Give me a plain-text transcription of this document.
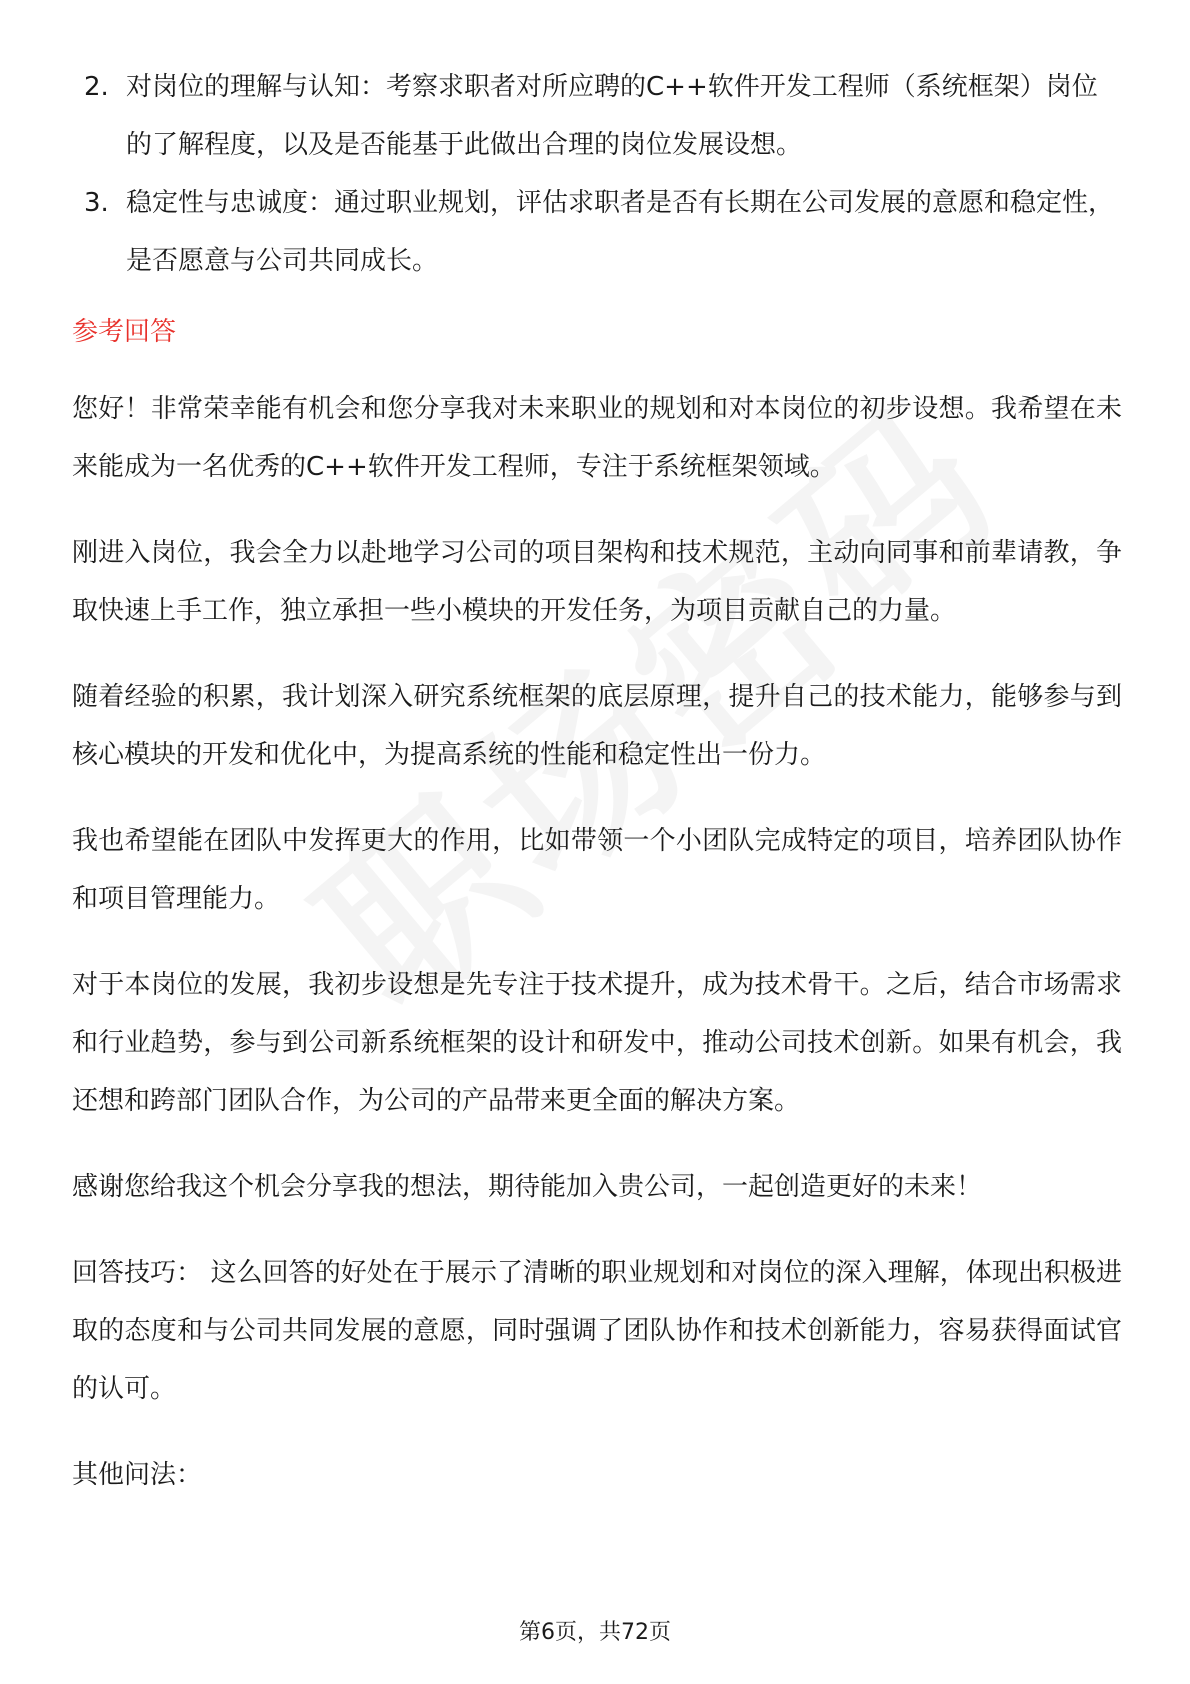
2. 对岗位的理解与认知：考察求职者对所应聘的C++软件开发工程师（系统框架）岗位的了解程度，以及是否能基于此做出合理的岗位发展设想。
3. 稳定性与忠诚度：通过职业规划，评估求职者是否有长期在公司发展的意愿和稳定性，是否愿意与公司共同成长。
参考回答

您好！非常荣幸能有机会和您分享我对未来职业的规划和对本岗位的初步设想。我希望在未来能成为一名优秀的C++软件开发工程师，专注于系统框架领域。

刚进入岗位，我会全力以赴地学习公司的项目架构和技术规范，主动向同事和前辈请教，争取快速上手工作，独立承担一些小模块的开发任务，为项目贡献自己的力量。

随着经验的积累，我计划深入研究系统框架的底层原理，提升自己的技术能力，能够参与到核心模块的开发和优化中，为提高系统的性能和稳定性出一份力。

我也希望能在团队中发挥更大的作用，比如带领一个小团队完成特定的项目，培养团队协作和项目管理能力。

对于本岗位的发展，我初步设想是先专注于技术提升，成为技术骨干。之后，结合市场需求和行业趋势，参与到公司新系统框架的设计和研发中，推动公司技术创新。如果有机会，我还想和跨部门团队合作，为公司的产品带来更全面的解决方案。

感谢您给我这个机会分享我的想法，期待能加入贵公司，一起创造更好的未来！

回答技巧： 这么回答的好处在于展示了清晰的职业规划和对岗位的深入理解，体现出积极进取的态度和与公司共同发展的意愿，同时强调了团队协作和技术创新能力，容易获得面试官的认可。

其他问法：

第6页，共72页
